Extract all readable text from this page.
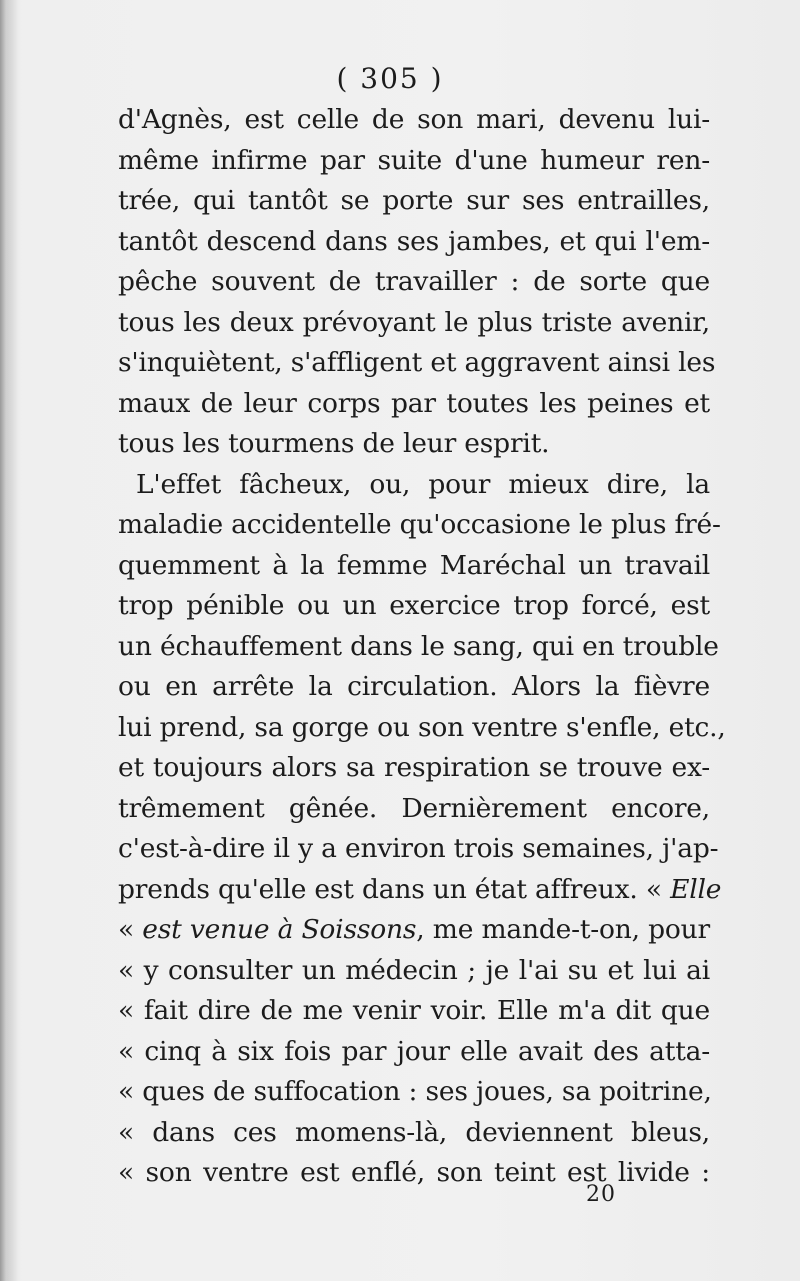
( 305 )
d'Agnès, est celle de son mari, devenu lui-
même infirme par suite d'une humeur ren-
trée, qui tantôt se porte sur ses entrailles,
tantôt descend dans ses jambes, et qui l'em-
pêche souvent de travailler : de sorte que
tous les deux prévoyant le plus triste avenir,
s'inquiètent, s'affligent et aggravent ainsi les
maux de leur corps par toutes les peines et
tous les tourmens de leur esprit.
L'effet fâcheux, ou, pour mieux dire, la
maladie accidentelle qu'occasione le plus fré-
quemment à la femme Maréchal un travail
trop pénible ou un exercice trop forcé, est
un échauffement dans le sang, qui en trouble
ou en arrête la circulation. Alors la fièvre
lui prend, sa gorge ou son ventre s'enfle, etc.,
et toujours alors sa respiration se trouve ex-
trêmement gênée. Dernièrement encore,
c'est-à-dire il y a environ trois semaines, j'ap-
prends qu'elle est dans un état affreux. « Elle
« est venue à Soissons, me mande-t-on, pour
« y consulter un médecin ; je l'ai su et lui ai
« fait dire de me venir voir. Elle m'a dit que
« cinq à six fois par jour elle avait des atta-
« ques de suffocation : ses joues, sa poitrine,
« dans ces momens-là, deviennent bleus,
« son ventre est enflé, son teint est livide :
20
